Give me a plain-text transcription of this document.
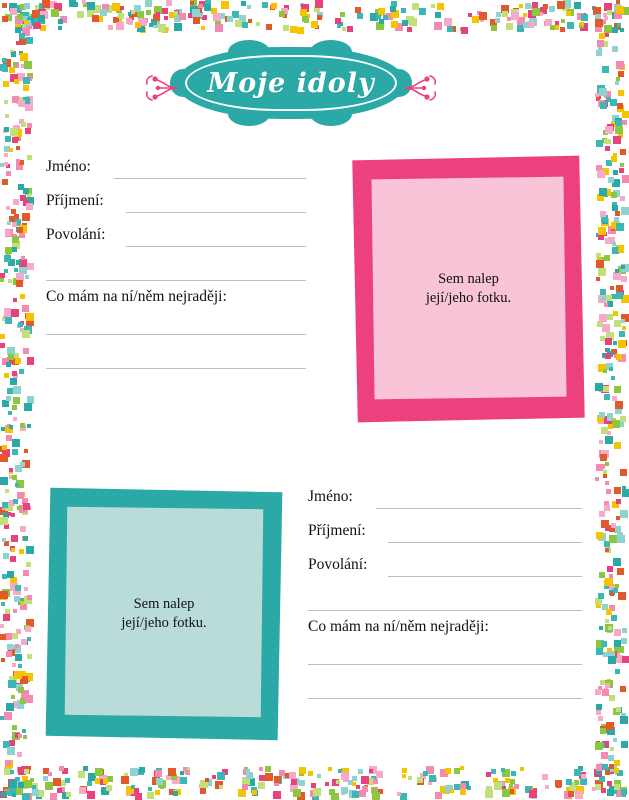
Moje idoly
Jméno:
Příjmení:
Povolání:
Co mám na ní/něm nejraději:
Sem nalep
její/jeho fotku.
Sem nalep
její/jeho fotku.
Jméno:
Příjmení:
Povolání:
Co mám na ní/něm nejraději:
